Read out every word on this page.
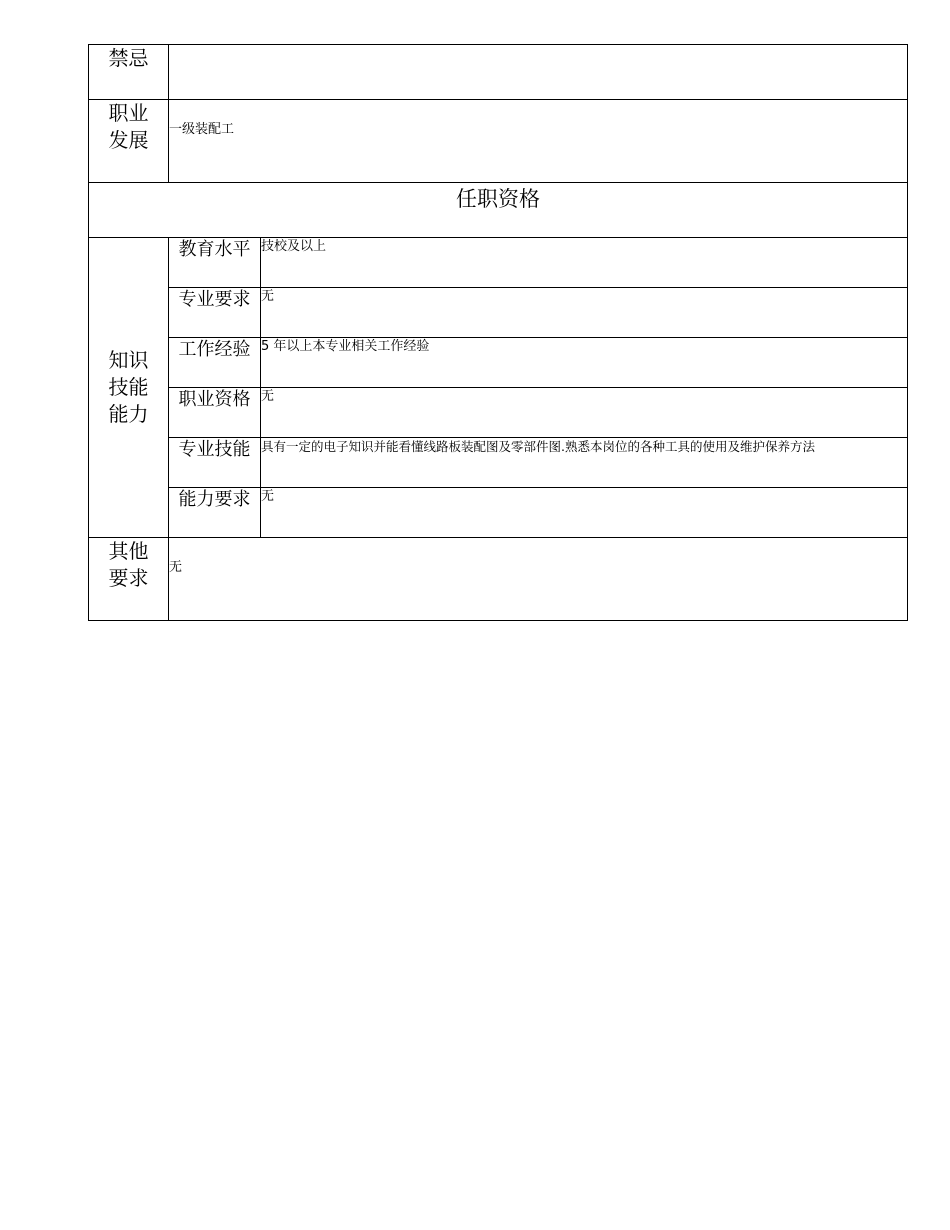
禁忌		

职业
发展	一级装配工	
任职资格		

知识
技能
能力	教育水平	技校及以上
	专业要求	无
	工作经验	5 年以上本专业相关工作经验
	职业资格	无
	专业技能	具有一定的电子知识并能看懂线路板装配图及零部件图.熟悉本岗位的各种工具的使用及维护保养方法
	能力要求	无

其他
要求	无	
